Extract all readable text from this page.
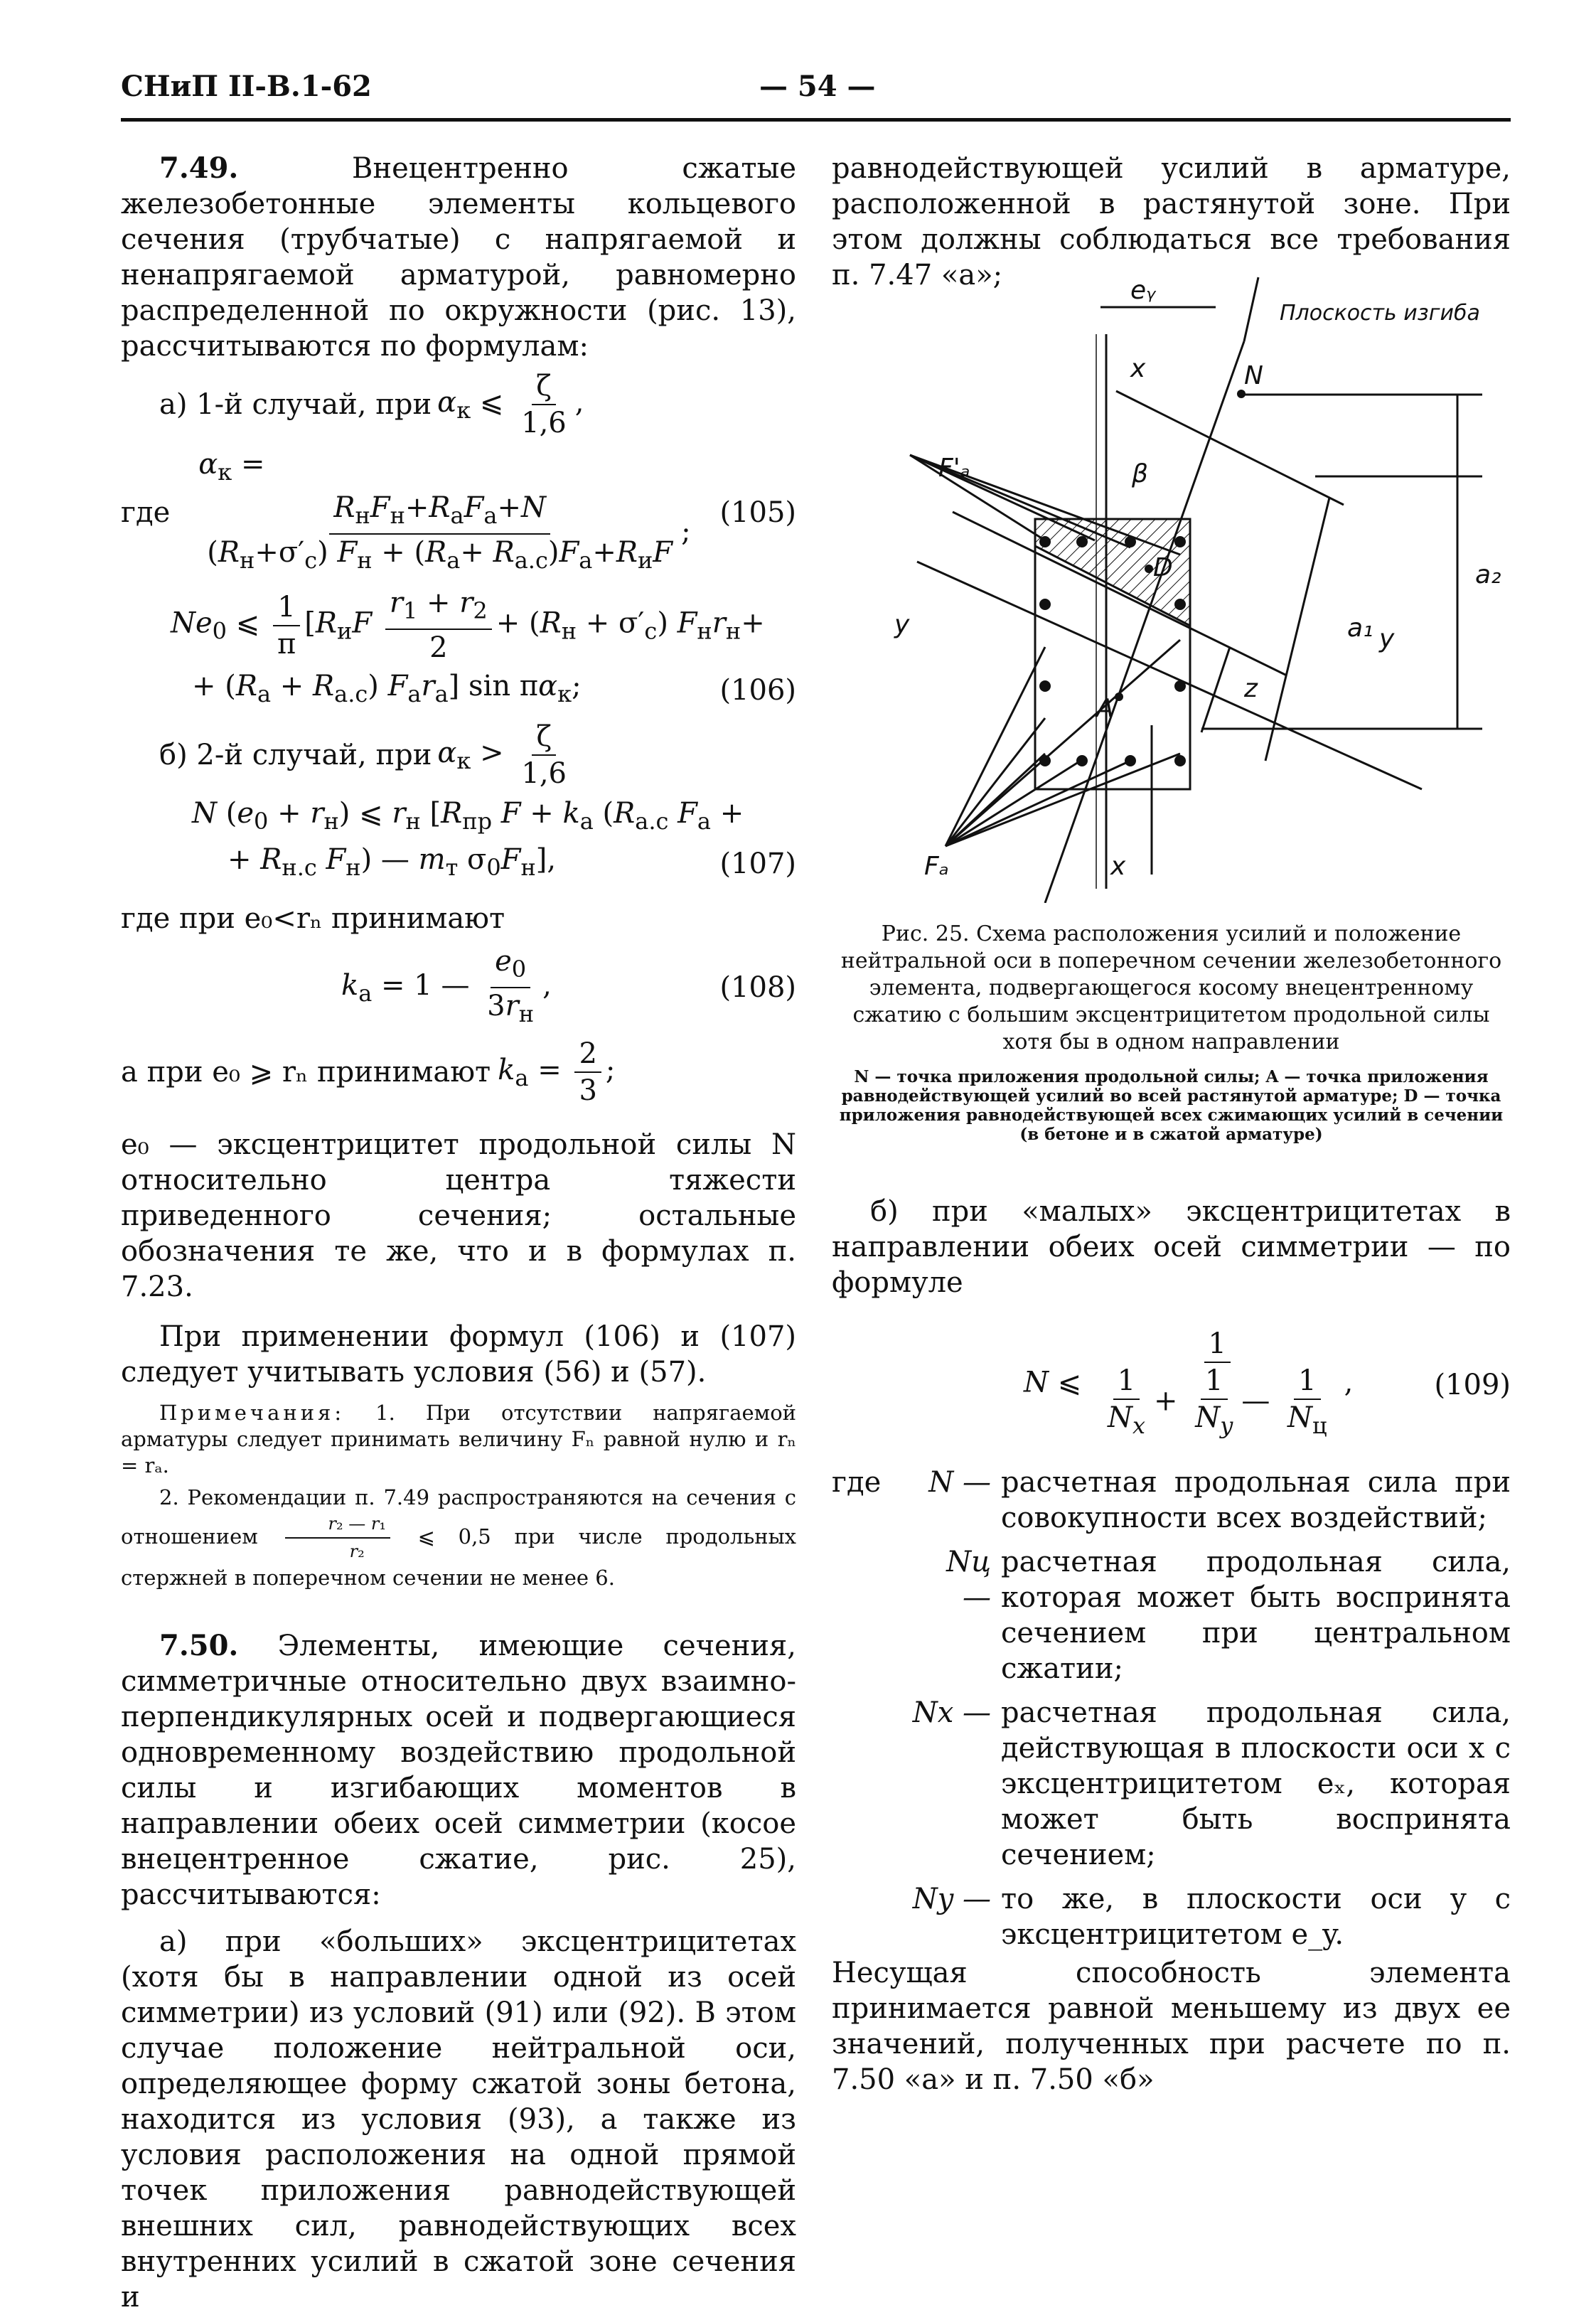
СНиП II-В.1-62	— 54 —

7.49.	Внецентренно сжатые железобетонные элементы кольцевого сечения (трубчатые) с напрягаемой и ненапрягаемой арматурой, равномерно распределенной по окружности (рис. 13), рассчитываются по формулам:

а) 1-й случай, при $\alpha_к$ ⩽ $\frac{\zeta}{1,6}$ ,
где
$\alpha_к$ =
$\frac{R_нF_н+R_аF_а+N}{(R_н+\sigma'_с) F_н + (R_а+ R_{а.с})F_а+R_иF}$ ;
(105)
$Ne_0$ ⩽ $\frac{1}{\pi} [R_иF \frac{r_1 + r_2}{2} + (R_н + \sigma'_с)$ $F_нr_н+$
+ $(R_а + R_{а.с})$ $F_аr_а$] $\sin \pi\alpha_к$;	(106)
б) 2-й случай, при $\alpha_к > \frac{\zeta}{1,6}$
N $(e_0 + r_н)$ ⩽ $r_н$ [$R_{пр}$ $F + k_а$ ($R_{а.с}$ $F_а$ +
+ $R_{н.с}$ $F_н$) — $m_т$ $\sigma_0F_н$],	(107)

где при e₀<rₙ принимают

$k_а = 1$ — $\frac{e_0}{3r_н}$ ,	(108)
а при e₀ ⩾ rₙ принимают $k_а = \frac{2}{3}$ ;

e₀ — эксцентрицитет продольной силы N относительно центра тяжести приведенного сечения; остальные обозначения те же, что и в формулах п. 7.23.

При применении формул (106) и (107) следует учитывать условия (56) и (57).

Примечания: 1. При отсутствии напрягаемой арматуры следует принимать величину Fₙ равной нулю и rₙ = rₐ.

2. Рекомендации п. 7.49 распространяются на сечения с отношением $\frac{\text{r₂ — r₁}}{\text{r₂}}$ ⩽ 0,5 при числе продольных стержней в поперечном сечении не менее 6.

7.50. Элементы, имеющие сечения, симметричные относительно двух взаимно-перпендикулярных осей и подвергающиеся одновременному воздействию продольной силы и изгибающих моментов в направлении обеих осей симметрии (косое внецентренное сжатие, рис. 25), рассчитываются:

а) при «больших» эксцентрицитетах (хотя бы в направлении одной из осей симметрии) из условий (91) или (92). В этом случае положение нейтральной оси, определяющее форму сжатой зоны бетона, находится из условия (93), а также из условия расположения на одной прямой точек приложения равнодействующей внешних сил, равнодействующих всех внутренних усилий в сжатой зоне сечения и

равнодействующей усилий в арматуре, расположенной в растянутой зоне. При этом должны соблюдаться все требования п. 7.47 «а»;

Плоскость изгиба
eᵧ
N
x
x
β
F'ₐ
Fₐ
D
A
y	y
a₁
a₂
z

Рис. 25. Схема расположения усилий и положение нейтральной оси в поперечном сечении железобетонного элемента, подвергающегося косому внецентренному сжатию с большим эксцентрицитетом продольной силы хотя бы в одном направлении

N — точка приложения продольной силы; A — точка приложения равнодействующей усилий во всей растянутой арматуре; D — точка приложения равнодействующей всех сжимающих усилий в сечении (в бетоне и в сжатой арматуре)

б) при «малых» эксцентрицитетах в направлении обеих осей симметрии — по формуле

N ⩽ $\frac{1}{\frac{1}{N_x} + \frac{1}{N_y} — \frac{1}{N_ц}}$ ,	(109)
где	N — расчетная продольная сила при совокупности всех воздействий;
Nц —
расчетная продольная сила, которая может быть воспринята сечением при центральном сжатии;
Nx — расчетная продольная сила, действующая в плоскости оси x с эксцентрицитетом eₓ, которая может быть воспринята сечением;
Ny — то же, в плоскости оси y с эксцентрицитетом e_y.

Несущая способность элемента принимается равной меньшему из двух ее значений, полученных при расчете по п. 7.50 «а» и п. 7.50 «б»
